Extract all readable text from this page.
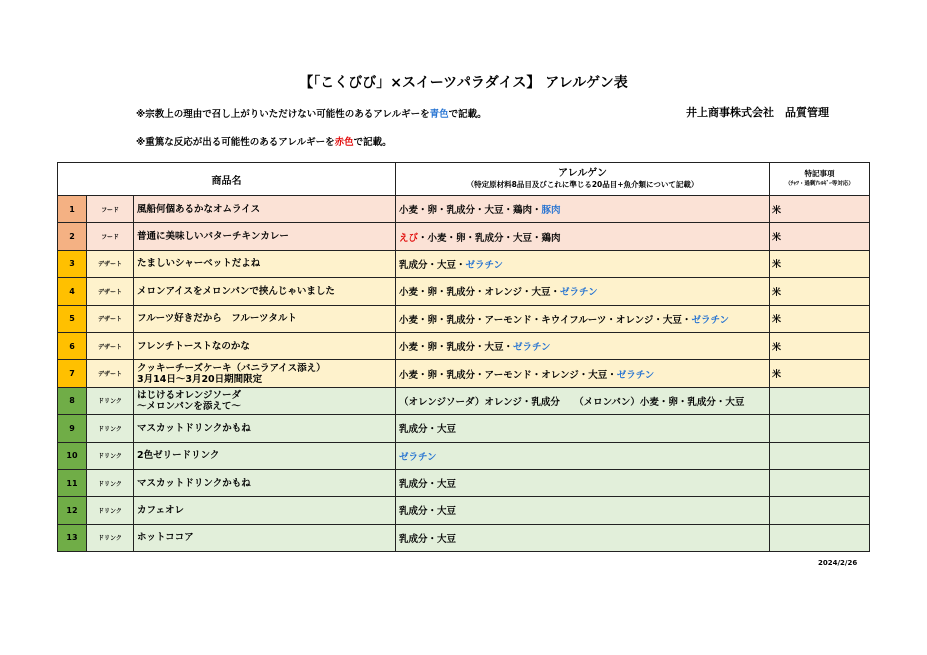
【「こくびび」×スイーツパラダイス】 アレルゲン表
※宗教上の理由で召し上がりいただけない可能性のあるアレルギーを青色で記載。	井上商事株式会社　品質管理
※重篤な反応が出る可能性のあるアレルギーを赤色で記載。
商品名			アレルゲン
（特定原材料8品目及びこれに準じる20品目+魚介類について記載）	特記事項
（ﾁｬﾂ・過剰ｱﾚﾙｷﾞｰ等対応）

1	フード	風船何個あるかなオムライス	小麦・卵・乳成分・大豆・鶏肉・豚肉	米
2	フード	普通に美味しいバターチキンカレー	えび・小麦・卵・乳成分・大豆・鶏肉	米
3	デザート	たましいシャーベットだよね	乳成分・大豆・ゼラチン	米
4	デザート	メロンアイスをメロンパンで挟んじゃいました	小麦・卵・乳成分・オレンジ・大豆・ゼラチン	米
5	デザート	フルーツ好きだから　フルーツタルト	小麦・卵・乳成分・アーモンド・キウイフルーツ・オレンジ・大豆・ゼラチン	米
6	デザート	フレンチトーストなのかな	小麦・卵・乳成分・大豆・ゼラチン	米
7	デザート	クッキーチーズケーキ（バニラアイス添え）
3月14日～3月20日期間限定	小麦・卵・乳成分・アーモンド・オレンジ・大豆・ゼラチン	米
8	ドリンク	はじけるオレンジソーダ
～メロンパンを添えて～	（オレンジソーダ）オレンジ・乳成分　　（メロンパン）小麦・卵・乳成分・大豆	
9	ドリンク	マスカットドリンクかもね	乳成分・大豆	
10	ドリンク	2色ゼリードリンク	ゼラチン	
11	ドリンク	マスカットドリンクかもね	乳成分・大豆	
12	ドリンク	カフェオレ	乳成分・大豆	
13	ドリンク	ホットココア	乳成分・大豆	
2024/2/26
